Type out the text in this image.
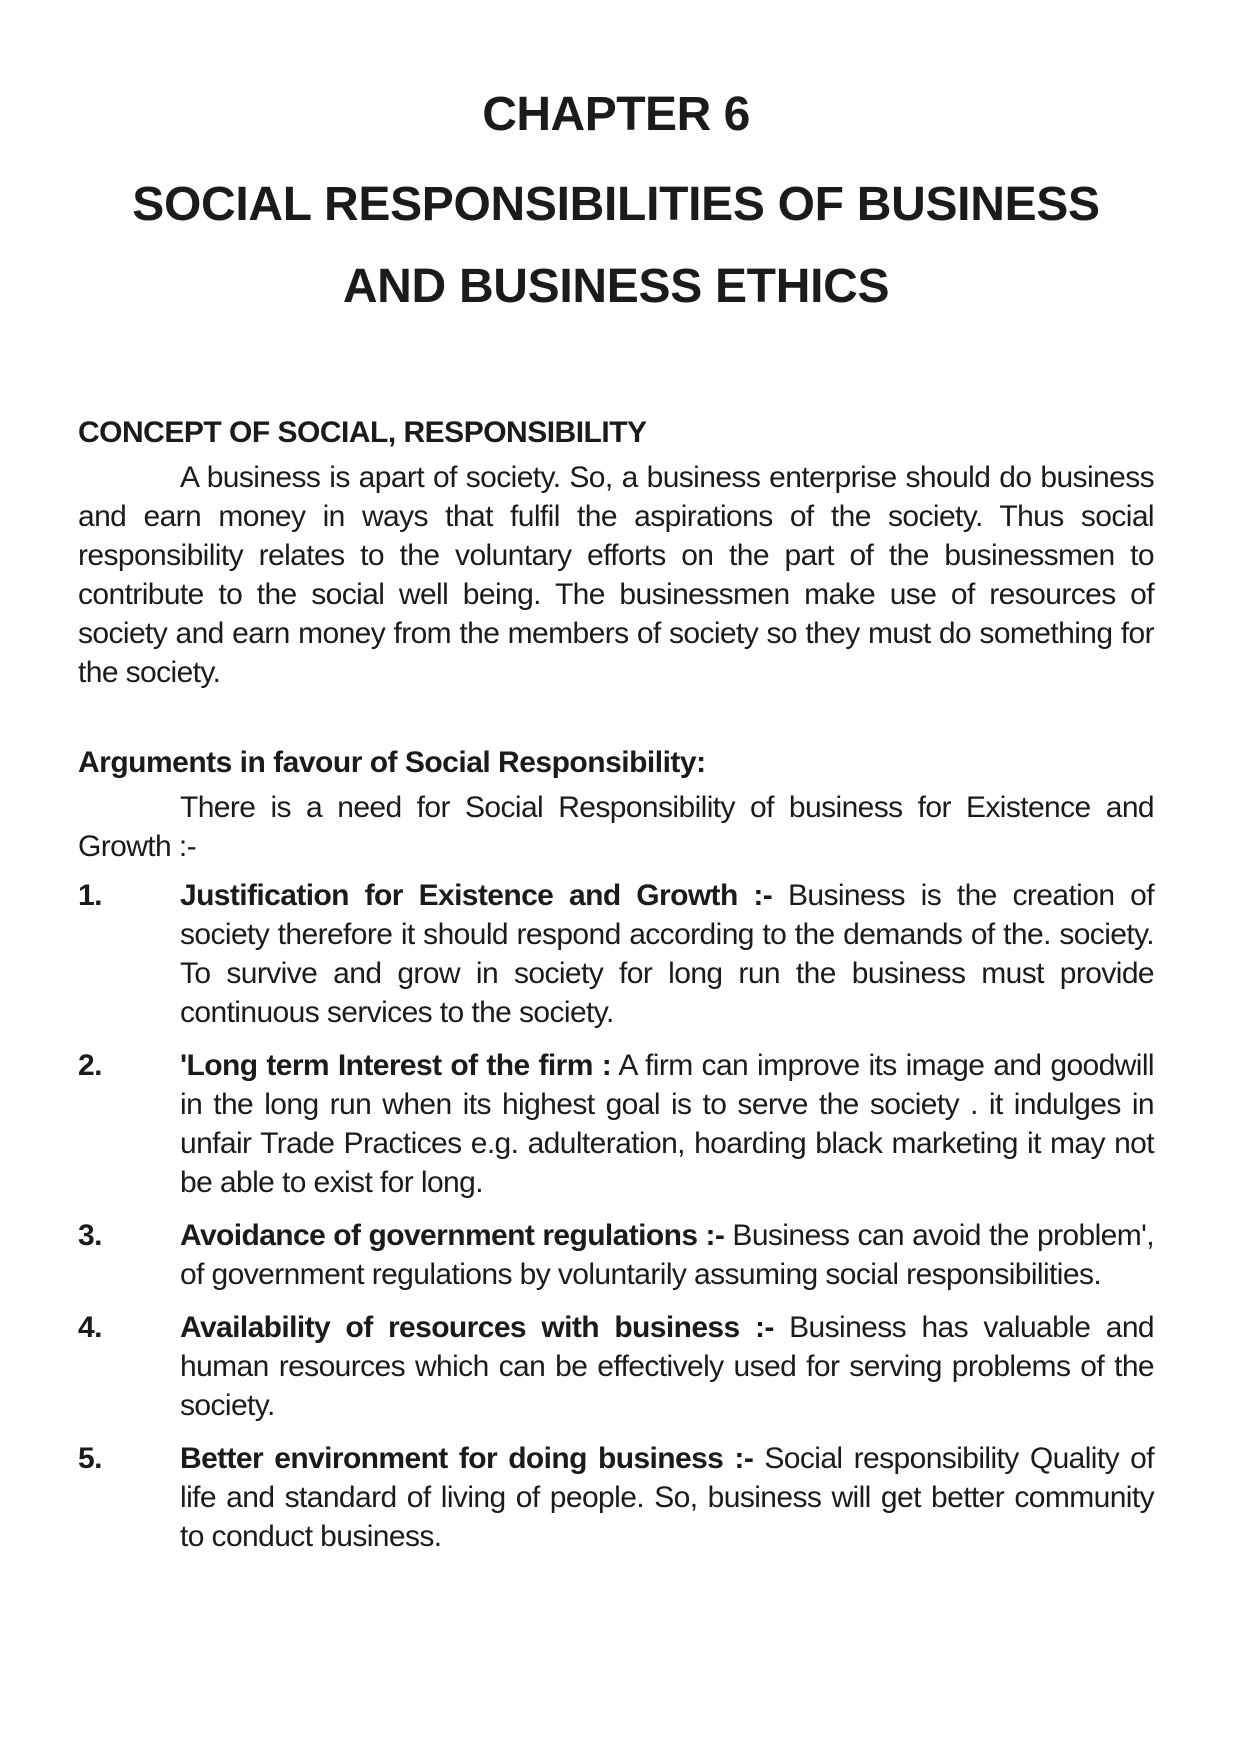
CHAPTER 6
SOCIAL RESPONSIBILITIES OF BUSINESS
AND BUSINESS ETHICS
CONCEPT OF SOCIAL, RESPONSIBILITY

A business is apart of society. So, a business enterprise should do business and earn money in ways that fulfil the aspirations of the society. Thus social responsibility relates to the voluntary efforts on the part of the businessmen to contribute to the social well being. The businessmen make use of resources of society and earn money from the members of society so they must do something for the society.

Arguments in favour of Social Responsibility:

There is a need for Social Responsibility of business for Existence and Growth :-

1.	Justification for Existence and Growth :- Business is the creation of society therefore it should respond according to the demands of the. society. To survive and grow in society for long run the business must provide continuous services to the society.
2.	'Long term Interest of the firm : A firm can improve its image and goodwill in the long run when its highest goal is to serve the society . it indulges in unfair Trade Practices e.g. adulteration, hoarding black marketing it may not be able to exist for long.
3.	Avoidance of government regulations :- Business can avoid the problem', of government regulations by voluntarily assuming social responsibilities.
4.	Availability of resources with business :- Business has valuable and human resources which can be effectively used for serving problems of the society.
5.	Better environment for doing business :- Social responsibility Quality of life and standard of living of people. So, business will get better community to conduct business.
